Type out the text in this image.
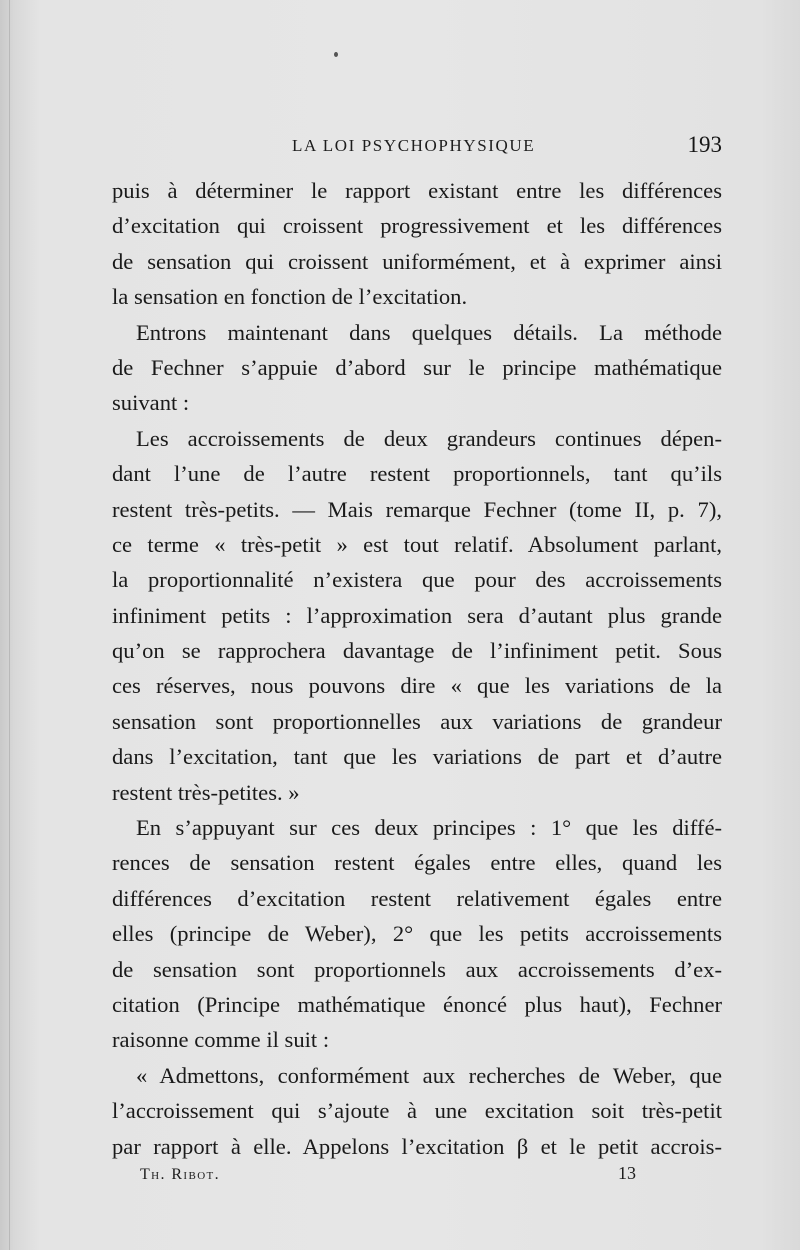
LA LOI PSYCHOPHYSIQUE	193
puis à déterminer le rapport existant entre les différences
d’excitation qui croissent progressivement et les différences
de sensation qui croissent uniformément, et à exprimer ainsi
la sensation en fonction de l’excitation.
Entrons maintenant dans quelques détails. La méthode
de Fechner s’appuie d’abord sur le principe mathématique
suivant :
Les accroissements de deux grandeurs continues dépen-
dant l’une de l’autre restent proportionnels, tant qu’ils
restent très-petits. — Mais remarque Fechner (tome II, p. 7),
ce terme « très-petit » est tout relatif. Absolument parlant,
la proportionnalité n’existera que pour des accroissements
infiniment petits : l’approximation sera d’autant plus grande
qu’on se rapprochera davantage de l’infiniment petit. Sous
ces réserves, nous pouvons dire « que les variations de la
sensation sont proportionnelles aux variations de grandeur
dans l’excitation, tant que les variations de part et d’autre
restent très-petites. »
En s’appuyant sur ces deux principes : 1° que les diffé-
rences de sensation restent égales entre elles, quand les
différences d’excitation restent relativement égales entre
elles (principe de Weber), 2° que les petits accroissements
de sensation sont proportionnels aux accroissements d’ex-
citation (Principe mathématique énoncé plus haut), Fechner
raisonne comme il suit :
« Admettons, conformément aux recherches de Weber, que
l’accroissement qui s’ajoute à une excitation soit très-petit
par rapport à elle. Appelons l’excitation β et le petit accrois-
Th. Ribot.	13
